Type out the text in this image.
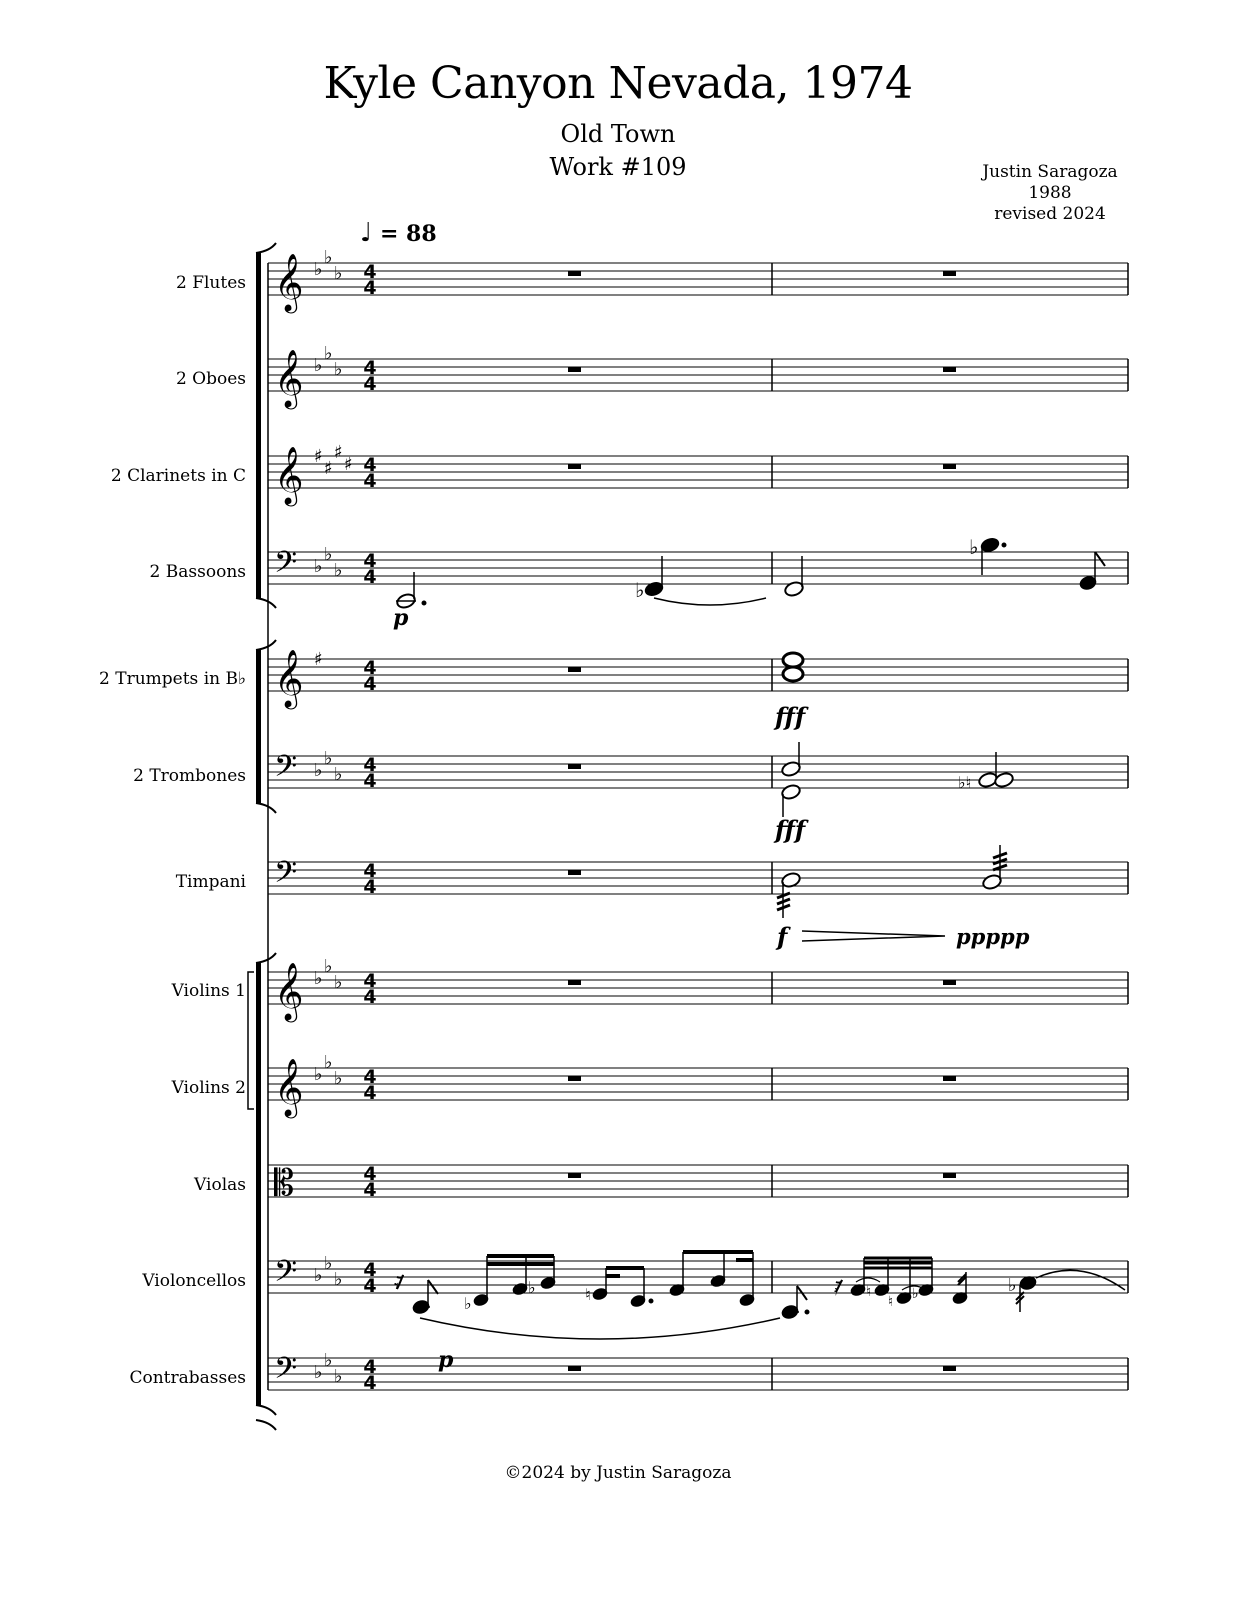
Kyle Canyon Nevada, 1974
Old Town
Work #109	Justin Saragoza
1988
revised 2024
♩ = 88
2 Flutes
2 Oboes
2 Clarinets in C
2 Bassoons
2 Trumpets in B♭
2 Trombones
Timpani
Violins 1
Violins 2
Violas
Violoncellos
Contrabasses
𝄞
𝄞
𝄞
𝄢
𝄞
𝄢
𝄢
𝄞
𝄞
𝄡
𝄢
𝄢
♭
♭
♭
♭
♭
♭
♯
♯
♯
♯
♭
♭
♭
♯
♭
♭
♭
♭
♭
♭
♭
♭
♭
♭
♭
♭
♭
♭
♭
4
4
4
4
4
4
4
4
4
4
4
4
4
4
4
4
4
4
4
4
4
4
4
4
p
♭
♭
fff
fff
♭♮
f	ppppp
𝄾
p
♭
♭	♮	𝄿 ♮
♮ ♭	♭
©2024 by Justin Saragoza
